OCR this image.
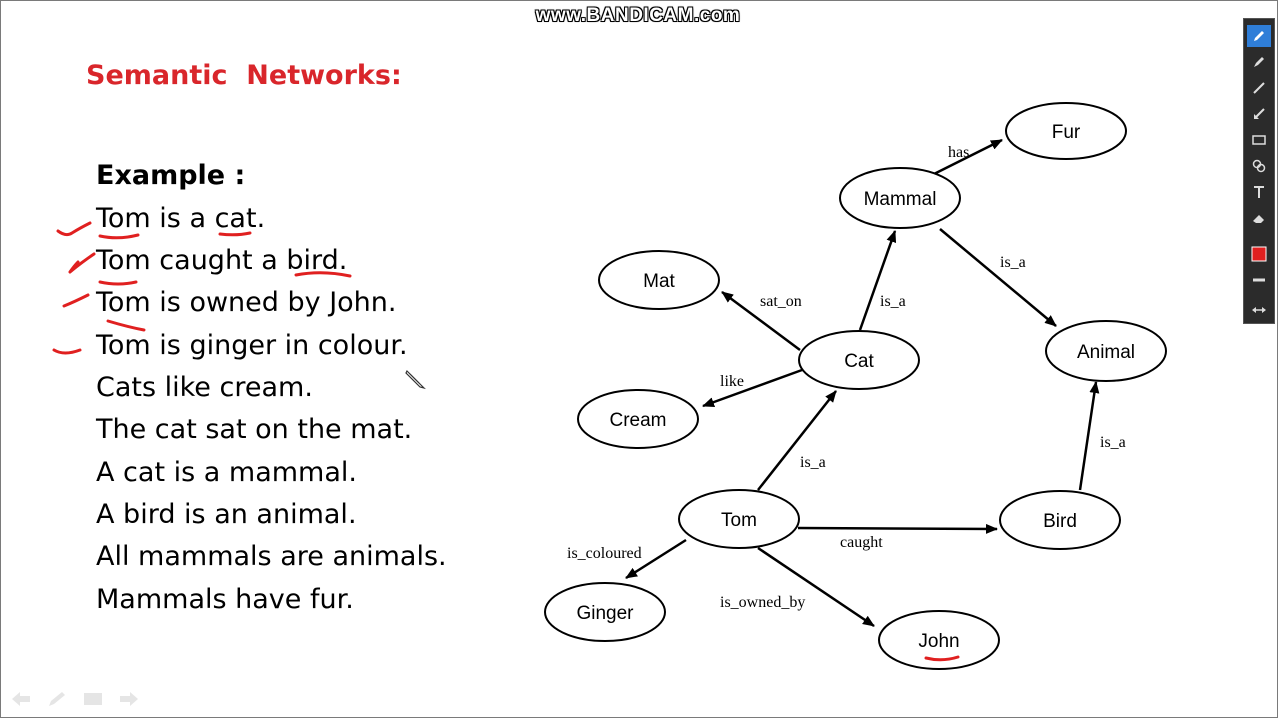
www.BANDICAM.com
Semantic  Networks:
Example :
Tom is a cat.
Tom caught a bird.
Tom is owned by John.
Tom is ginger in colour.
Cats like cream.
The cat sat on the mat.
A cat is a mammal.
A bird is an animal.
All mammals are animals.
Mammals have fur.
has
is_a
sat_on	is_a
like
is_a
is_a
caught
is_coloured
is_owned_by
Fur
Mammal
Mat
Cat	Animal
Cream
Tom	Bird
Ginger
John
